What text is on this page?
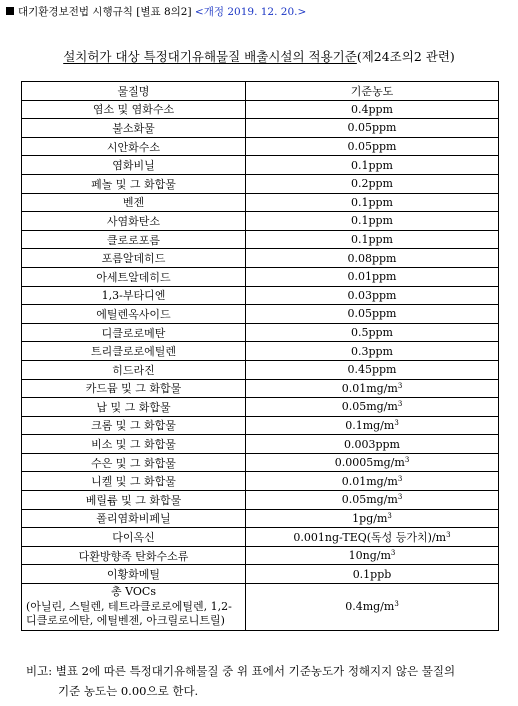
대기환경보전법 시행규칙 [별표 8의2] <개정 2019. 12. 20.>
설치허가 대상 특정대기유해물질 배출시설의 적용기준(제24조의2 관련)
물질명	기준농도
염소 및 염화수소	0.4ppm
불소화물	0.05ppm
시안화수소	0.05ppm
염화비닐	0.1ppm
페놀 및 그 화합물	0.2ppm
벤젠	0.1ppm
사염화탄소	0.1ppm
클로로포름	0.1ppm
포름알데히드	0.08ppm
아세트알데히드	0.01ppm
1,3-부타디엔	0.03ppm
에틸렌옥사이드	0.05ppm
디클로로메탄	0.5ppm
트리클로로에틸렌	0.3ppm
히드라진	0.45ppm
카드뮴 및 그 화합물	$0.01mg/m^3$
납 및 그 화합물	$0.05mg/m^3$
크롬 및 그 화합물	$0.1mg/m^3$
비소 및 그 화합물	0.003ppm
수은 및 그 화합물	$0.0005mg/m^3$
니켈 및 그 화합물	$0.01mg/m^3$
베릴륨 및 그 화합물	$0.05mg/m^3$
폴리염화비페닐	$1pg/m^3$
다이옥신	0.001ng-TEQ(독성 등가치)$/m^3$
다환방향족 탄화수소류	$10ng/m^3$
이황화메틸	0.1ppb

총 VOCs
(아닐린, 스틸렌, 테트라클로로에틸렌, 1,2-디클로로에탄, 에틸벤젠, 아크릴로니트릴)	$0.4mg/m^3$
비고: 별표 2에 따른 특정대기유해물질 중 위 표에서 기준농도가 정해지지 않은 물질의
기준 농도는 0.00으로 한다.
